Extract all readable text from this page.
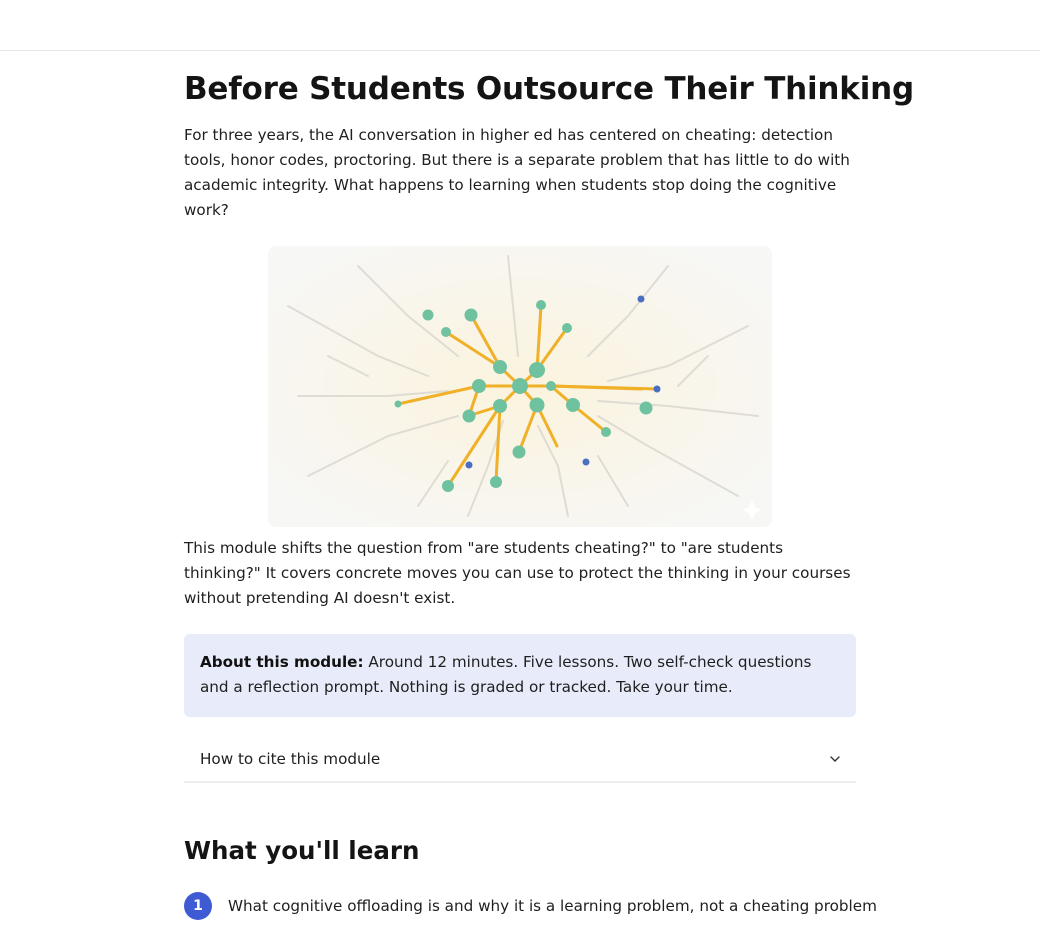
Before Students Outsource Their Thinking

For three years, the AI conversation in higher ed has centered on cheating: detection tools, honor codes, proctoring. But there is a separate problem that has little to do with academic integrity. What happens to learning when students stop doing the cognitive work?

This module shifts the question from "are students cheating?" to "are students thinking?" It covers concrete moves you can use to protect the thinking in your courses without pretending AI doesn't exist.

About this module: Around 12 minutes. Five lessons. Two self-check questions and a reflection prompt. Nothing is graded or tracked. Take your time.
How to cite this module
What you'll learn
1	What cognitive offloading is and why it is a learning problem, not a cheating problem
